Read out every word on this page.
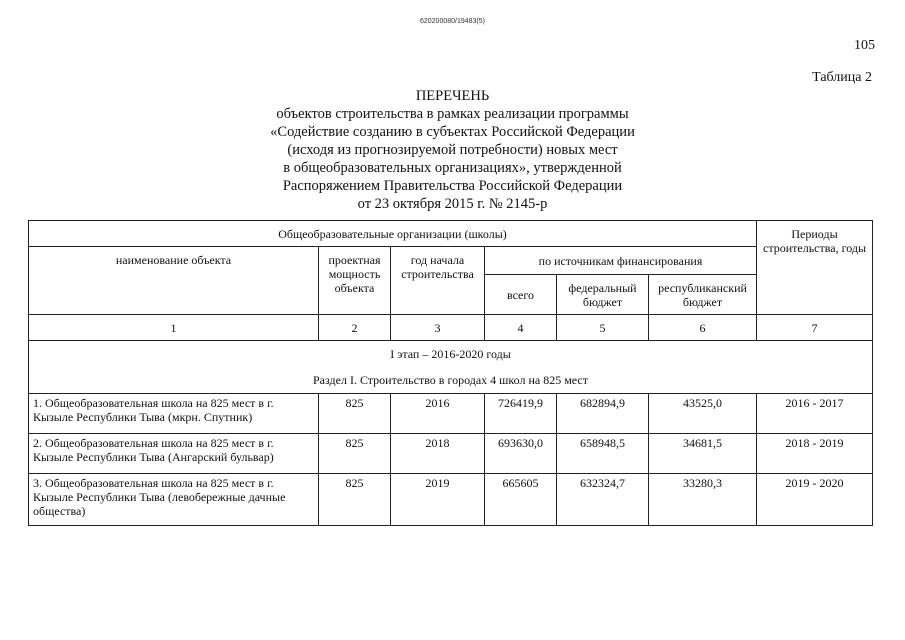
620200080/19483(5)
105
Таблица 2
ПЕРЕЧЕНЬ
объектов строительства в рамках реализации программы
«Содействие созданию в субъектах Российской Федерации
(исходя из прогнозируемой потребности) новых мест
в общеобразовательных организациях», утвержденной
Распоряжением Правительства Российской Федерации
от 23 октября 2015 г. № 2145-р
Общеобразовательные организации (школы)						Периоды строительства, годы
наименование объекта	проектная мощность объекта	год начала строительства	по источникам финансирования			
			всего	федеральный бюджет	республиканский бюджет	
1	2	3	4	5	6	7

I этап – 2016-2020 годы
Раздел I. Строительство в городах 4 школ на 825 мест						
1. Общеобразовательная школа на 825 мест в г. Кызыле Республики Тыва (мкрн. Спутник)	825	2016	726419,9	682894,9	43525,0	2016 - 2017
2. Общеобразовательная школа на 825 мест в г. Кызыле Республики Тыва (Ангарский бульвар)	825	2018	693630,0	658948,5	34681,5	2018 - 2019
3. Общеобразовательная школа на 825 мест в г. Кызыле Республики Тыва (левобережные дачные общества)	825	2019	665605	632324,7	33280,3	2019 - 2020
